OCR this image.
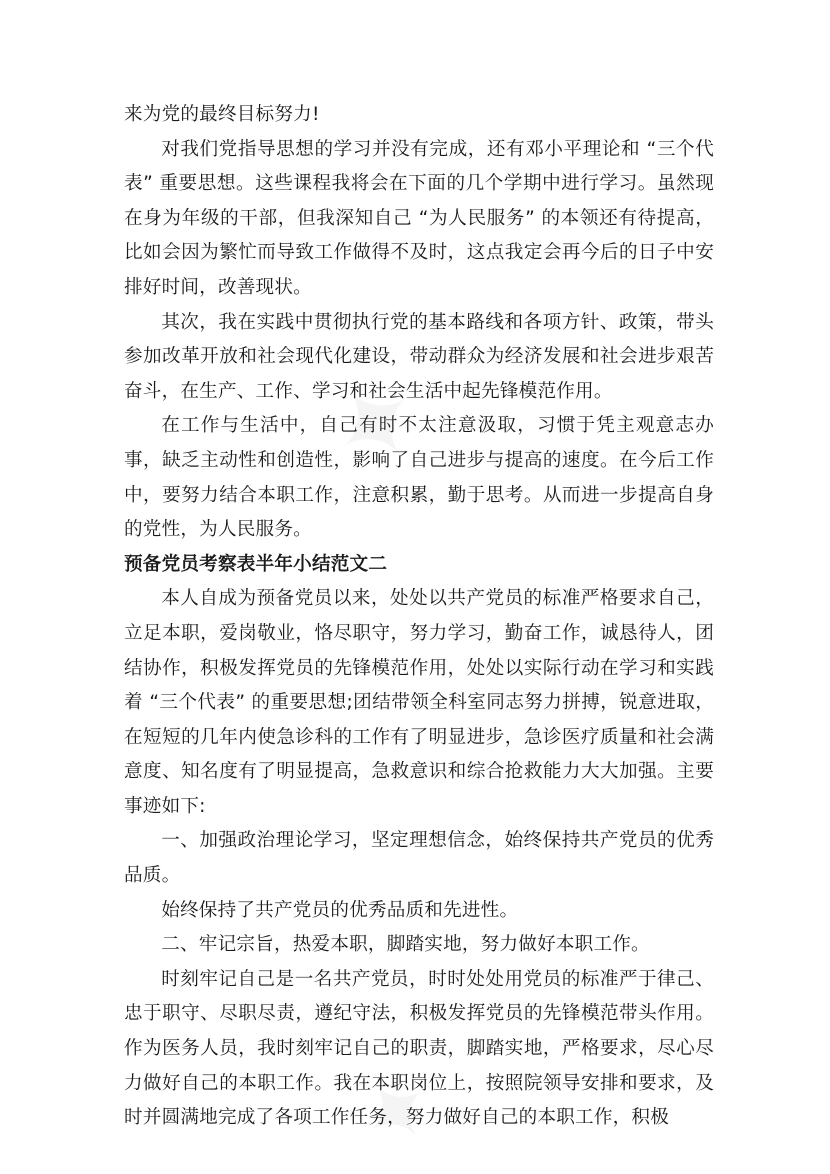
来为党的最终目标努力!

对我们党指导思想的学习并没有完成，还有邓小平理论和 “三个代表” 重要思想。这些课程我将会在下面的几个学期中进行学习。虽然现在身为年级的干部，但我深知自己 “为人民服务” 的本领还有待提高，比如会因为繁忙而导致工作做得不及时，这点我定会再今后的日子中安排好时间，改善现状。

其次，我在实践中贯彻执行党的基本路线和各项方针、政策，带头参加改革开放和社会现代化建设，带动群众为经济发展和社会进步艰苦奋斗，在生产、工作、学习和社会生活中起先锋模范作用。

在工作与生活中，自己有时不太注意汲取，习惯于凭主观意志办事，缺乏主动性和创造性，影响了自己进步与提高的速度。在今后工作中，要努力结合本职工作，注意积累，勤于思考。从而进一步提高自身的党性，为人民服务。

预备党员考察表半年小结范文二

本人自成为预备党员以来，处处以共产党员的标准严格要求自己，立足本职，爱岗敬业，恪尽职守，努力学习，勤奋工作，诚恳待人，团结协作，积极发挥党员的先锋模范作用，处处以实际行动在学习和实践着 “三个代表” 的重要思想;团结带领全科室同志努力拼搏，锐意进取，在短短的几年内使急诊科的工作有了明显进步，急诊医疗质量和社会满意度、知名度有了明显提高，急救意识和综合抢救能力大大加强。主要事迹如下:

一、加强政治理论学习，坚定理想信念，始终保持共产党员的优秀品质。

始终保持了共产党员的优秀品质和先进性。

二、牢记宗旨，热爱本职，脚踏实地，努力做好本职工作。

时刻牢记自己是一名共产党员，时时处处用党员的标准严于律己、忠于职守、尽职尽责，遵纪守法，积极发挥党员的先锋模范带头作用。作为医务人员，我时刻牢记自己的职责，脚踏实地，严格要求，尽心尽力做好自己的本职工作。我在本职岗位上，按照院领导安排和要求，及时并圆满地完成了各项工作任务，努力做好自己的本职工作，积极
